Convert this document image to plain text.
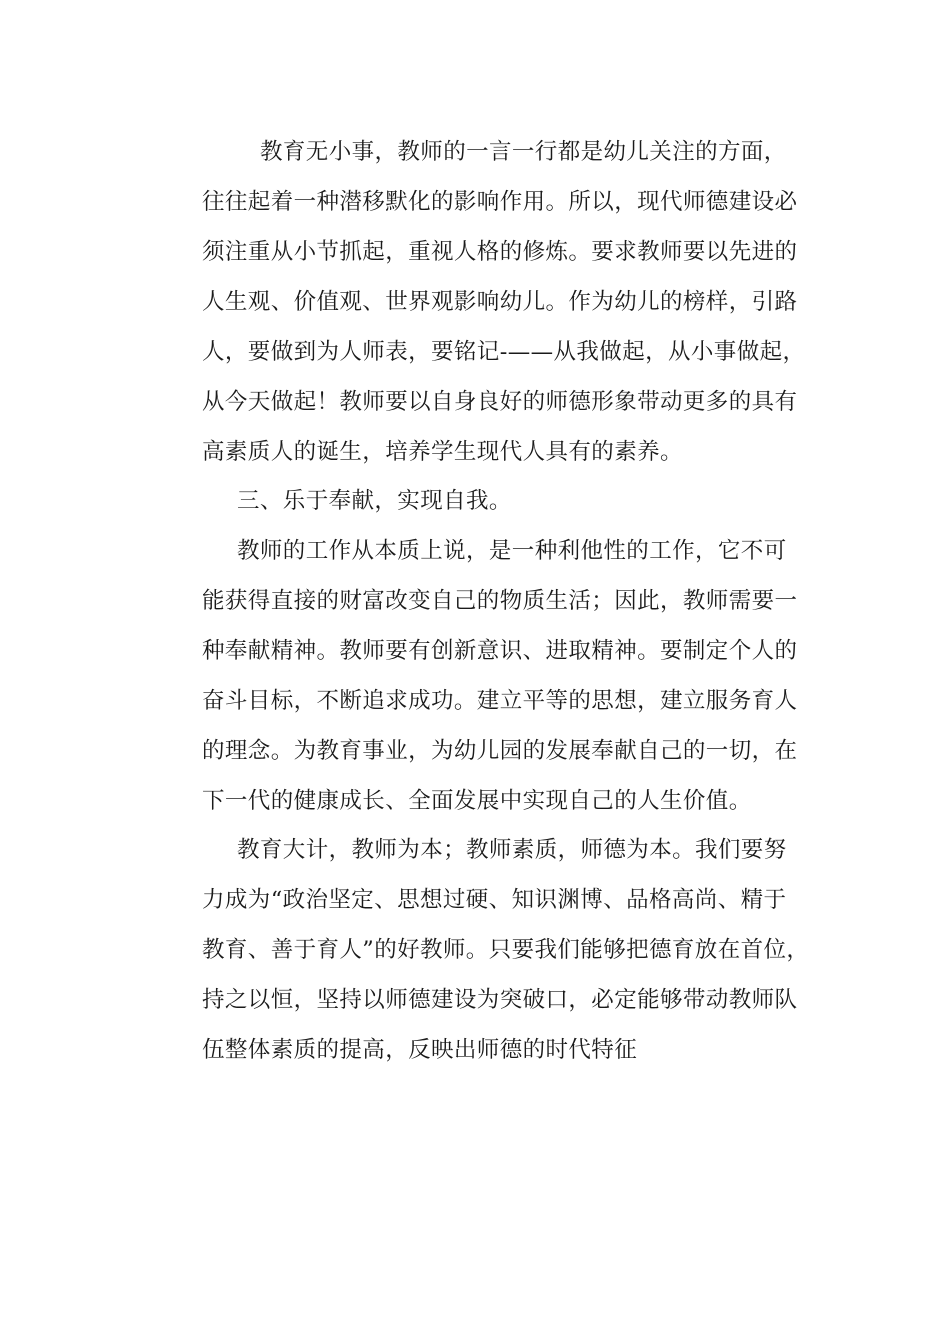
教育无小事，教师的一言一行都是幼儿关注的方面，
往往起着一种潜移默化的影响作用。所以，现代师德建设必
须注重从小节抓起，重视人格的修炼。要求教师要以先进的
人生观、价值观、世界观影响幼儿。作为幼儿的榜样，引路
人，要做到为人师表，要铭记-——从我做起，从小事做起，
从今天做起！教师要以自身良好的师德形象带动更多的具有
高素质人的诞生，培养学生现代人具有的素养。
三、乐于奉献，实现自我。
教师的工作从本质上说，是一种利他性的工作，它不可
能获得直接的财富改变自己的物质生活；因此，教师需要一
种奉献精神。教师要有创新意识、进取精神。要制定个人的
奋斗目标，不断追求成功。建立平等的思想，建立服务育人
的理念。为教育事业，为幼儿园的发展奉献自己的一切，在
下一代的健康成长、全面发展中实现自己的人生价值。
教育大计，教师为本；教师素质，师德为本。我们要努
力成为“政治坚定、思想过硬、知识渊博、品格高尚、精于
教育、善于育人”的好教师。只要我们能够把德育放在首位，
持之以恒，坚持以师德建设为突破口，必定能够带动教师队
伍整体素质的提高，反映出师德的时代特征
